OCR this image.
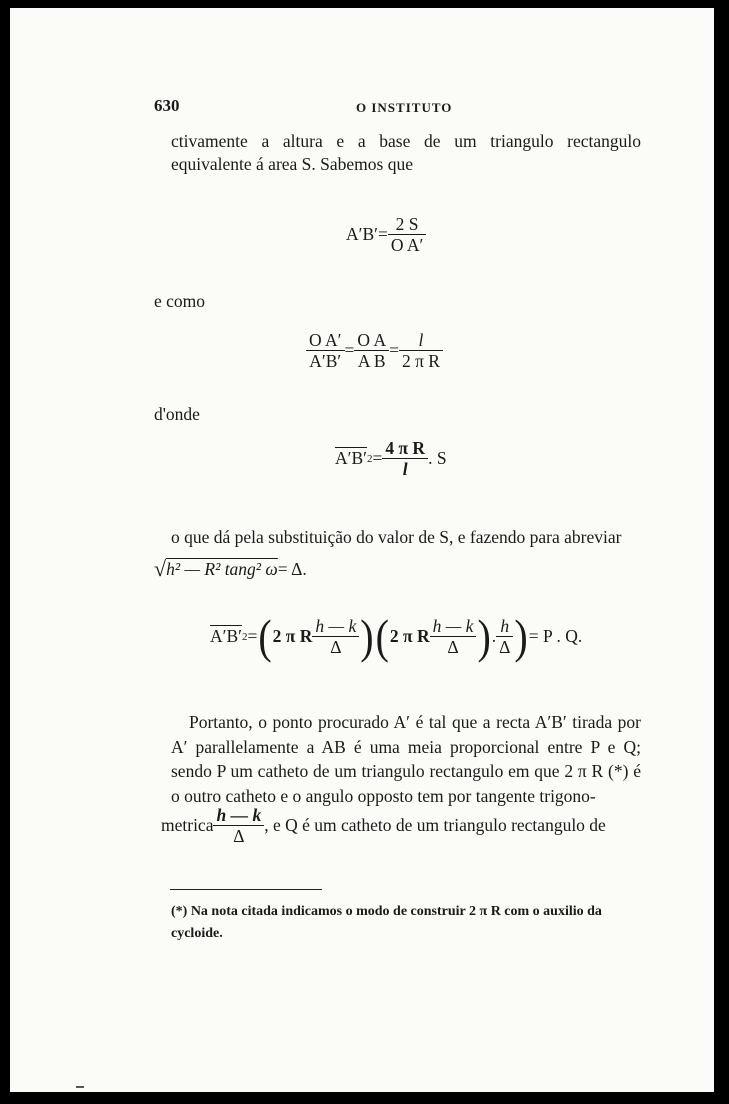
630	O INSTITUTO
ctivamente a altura e a base de um triangulo rectangulo equivalente á area S. Sabemos que
$A'B'= \frac{2 S}{\text{O A′}}$
e como
$\frac{\text{O A′}}{A'B'} = \frac{\text{O A}}{\text{A B}} = \frac{l}{\text{2 π R}}$
d'onde
A′B′ $2 = \frac{\text{4 π R}}{l}$ . S
o que dá pela substituição do valor de S, e fazendo para abreviar
√ h² — R² tang² ω = Δ.
A′B′ 2 = ( 2 π R $\frac{h — k}{\Delta}$ ) ( 2 π R $\frac{h — k}{\Delta}$ ) . $\frac{h}{\Delta}$ ) = P . Q.
Portanto, o ponto procurado A′ é tal que a recta A′B′ tirada por A′ parallelamente a AB é uma meia proporcional entre P e Q; sendo P um catheto de um triangulo rectangulo em que 2 π R (*) é o outro catheto e o angulo opposto tem por tangente trigono-
metrica $\frac{h — k}{\Delta}$ , e Q é um catheto de um triangulo rectangulo de
(*) Na nota citada indicamos o modo de construir 2 π R com o auxilio da cycloide.
